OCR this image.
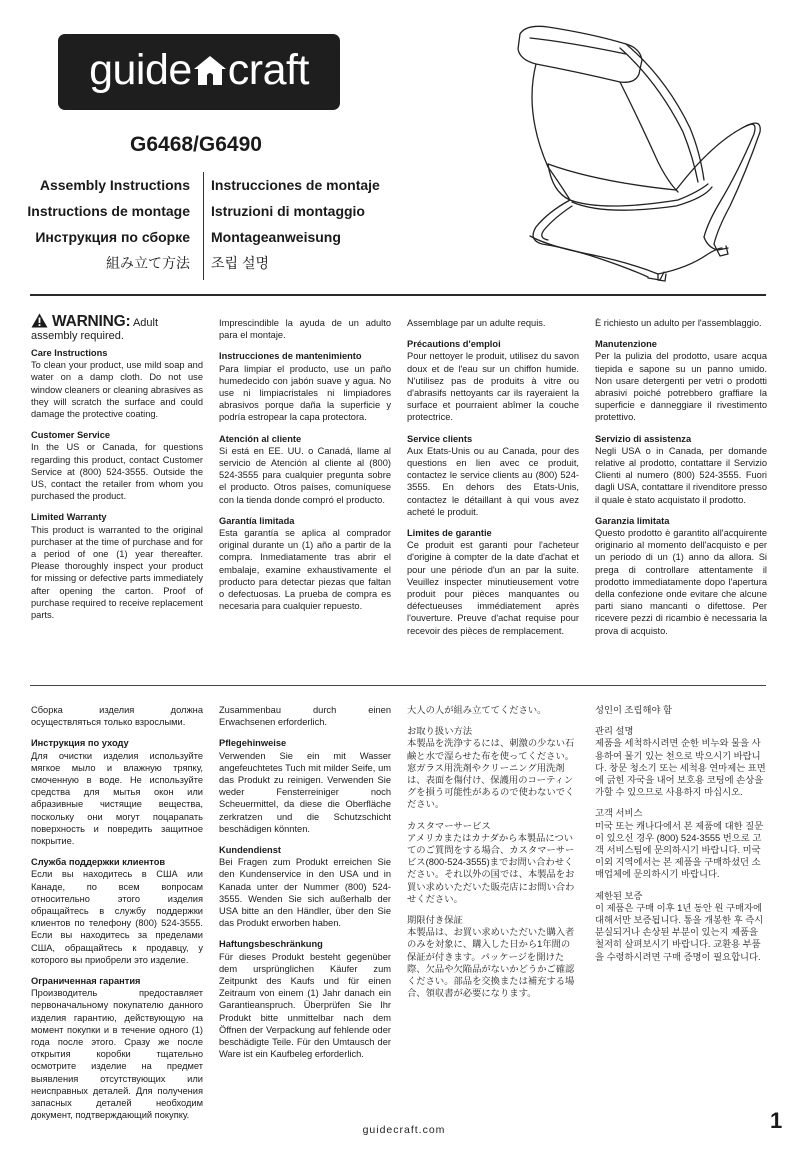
guide craft
G6468/G6490
Assembly Instructions
Instructions de montage
Инструкция по сборке
組み立て方法
Instrucciones de montaje
Istruzioni di montaggio
Montageanweisung
조립 설명

WARNING: Adult assembly required.

Care Instructions
To clean your product, use mild soap and water on a damp cloth. Do not use window cleaners or cleaning abrasives as they will scratch the surface and could damage the protective coating.

Customer Service
In the US or Canada, for questions regarding this product, contact Customer Service at (800) 524-3555. Outside the US, contact the retailer from whom you purchased the product.

Limited Warranty
This product is warranted to the original purchaser at the time of purchase and for a period of one (1) year thereafter. Please thoroughly inspect your product for missing or defective parts immediately after opening the carton. Proof of purchase required to receive replacement parts.

Imprescindible la ayuda de un adulto para el montaje.

Instrucciones de mantenimiento
Para limpiar el producto, use un paño humedecido con jabón suave y agua. No use ni limpiacristales ni limpiadores abrasivos porque daña la superficie y podría estropear la capa protectora.

Atención al cliente
Si está en EE. UU. o Canadá, llame al servicio de Atención al cliente al (800) 524-3555 para cualquier pregunta sobre el producto. Otros países, comuníquese con la tienda donde compró el producto.

Garantía limitada
Esta garantía se aplica al comprador original durante un (1) año a partir de la compra. Inmediatamente tras abrir el embalaje, examine exhaustivamente el producto para detectar piezas que faltan o defectuosas. La prueba de compra es necesaria para cualquier repuesto.

Assemblage par un adulte requis.

Précautions d'emploi
Pour nettoyer le produit, utilisez du savon doux et de l'eau sur un chiffon humide. N'utilisez pas de produits à vitre ou d'abrasifs nettoyants car ils rayeraient la surface et pourraient abîmer la couche protectrice.

Service clients
Aux Etats-Unis ou au Canada, pour des questions en lien avec ce produit, contactez le service clients au (800) 524-3555. En dehors des Etats-Unis, contactez le détaillant à qui vous avez acheté le produit.

Limites de garantie
Ce produit est garanti pour l'acheteur d'origine à compter de la date d'achat et pour une période d'un an par la suite. Veuillez inspecter minutieusement votre produit pour pièces manquantes ou défectueuses immédiatement après l'ouverture. Preuve d'achat requise pour recevoir des pièces de remplacement.

È richiesto un adulto per l'assemblaggio.

Manutenzione
Per la pulizia del prodotto, usare acqua tiepida e sapone su un panno umido. Non usare detergenti per vetri o prodotti abrasivi poiché potrebbero graffiare la superficie e danneggiare il rivestimento protettivo.

Servizio di assistenza
Negli USA o in Canada, per domande relative al prodotto, contattare il Servizio Clienti al numero (800) 524-3555. Fuori dagli USA, contattare il rivenditore presso il quale è stato acquistato il prodotto.

Garanzia limitata
Questo prodotto è garantito all'acquirente originario al momento dell'acquisto e per un periodo di un (1) anno da allora. Si prega di controllare attentamente il prodotto immediatamente dopo l'apertura della confezione onde evitare che alcune parti siano mancanti o difettose. Per ricevere pezzi di ricambio è necessaria la prova di acquisto.

Сборка изделия должна осуществляться только взрослыми.

Инструкция по уходу
Для очистки изделия используйте мягкое мыло и влажную тряпку, смоченную в воде. Не используйте средства для мытья окон или абразивные чистящие вещества, поскольку они могут поцарапать поверхность и повредить защитное покрытие.

Служба поддержки клиентов
Если вы находитесь в США или Канаде, по всем вопросам относительно этого изделия обращайтесь в службу поддержки клиентов по телефону (800) 524-3555. Если вы находитесь за пределами США, обращайтесь к продавцу, у которого вы приобрели это изделие.

Ограниченная гарантия
Производитель предоставляет первоначальному покупателю данного изделия гарантию, действующую на момент покупки и в течение одного (1) года после этого. Сразу же после открытия коробки тщательно осмотрите изделие на предмет выявления отсутствующих или неисправных деталей. Для получения запасных деталей необходим документ, подтверждающий покупку.

Zusammenbau durch einen Erwachsenen erforderlich.

Pflegehinweise
Verwenden Sie ein mit Wasser angefeuchtetes Tuch mit milder Seife, um das Produkt zu reinigen. Verwenden Sie weder Fensterreiniger noch Scheuermittel, da diese die Oberfläche zerkratzen und die Schutzschicht beschädigen könnten.

Kundendienst
Bei Fragen zum Produkt erreichen Sie den Kundenservice in den USA und in Kanada unter der Nummer (800) 524-3555. Wenden Sie sich außerhalb der USA bitte an den Händler, über den Sie das Produkt erworben haben.

Haftungsbeschränkung
Für dieses Produkt besteht gegenüber dem ursprünglichen Käufer zum Zeitpunkt des Kaufs und für einen Zeitraum von einem (1) Jahr danach ein Garantieanspruch. Überprüfen Sie Ihr Produkt bitte unmittelbar nach dem Öffnen der Verpackung auf fehlende oder beschädigte Teile. Für den Umtausch der Ware ist ein Kaufbeleg erforderlich.

大人の人が組み立ててください。

お取り扱い方法
本製品を洗浄するには、刺激の少ない石鹸と水で湿らせた布を使ってください。窓ガラス用洗剤やクリーニング用洗剤は、表面を傷付け、保護用のコーティングを損う可能性があるので使わないでください。

カスタマーサービス
アメリカまたはカナダから本製品についてのご質問をする場合、カスタマーサービス(800-524-3555)までお問い合わせください。それ以外の国では、本製品をお買い求めいただいた販売店にお問い合わせください。

期限付き保証
本製品は、お買い求めいただいた購入者のみを対象に、購入した日から1年間の保証が付きます。パッケージを開けた際、欠品や欠陥品がないかどうかご確認ください。部品を交換または補充する場合、領収書が必要になります。

성인이 조립해야 함

관리 설명
제품을 세척하시려면 순한 비누와 물을 사용하여 물기 있는 천으로 박으시기 바랍니다. 창문 청소기 또는 세척용 연마제는 표면에 긁힌 자국을 내어 보호용 코팅에 손상을 가할 수 있으므로 사용하지 마십시오.

고객 서비스
미국 또는 캐나다에서 본 제품에 대한 질문이 있으신 경우 (800) 524-3555 번으로 고객 서비스팀에 문의하시기 바랍니다. 미국 이외 지역에서는 본 제품을 구매하셨던 소매업체에 문의하시기 바랍니다.

제한된 보증
이 제품은 구매 이후 1년 동안 원 구매자에 대해서만 보증됩니다. 통을 개봉한 후 즉시 분실되거나 손상된 부분이 있는지 제품을 철저히 살펴보시기 바랍니다. 교환용 부품을 수령하시려면 구매 증명이 필요합니다.

guidecraft.com	1
